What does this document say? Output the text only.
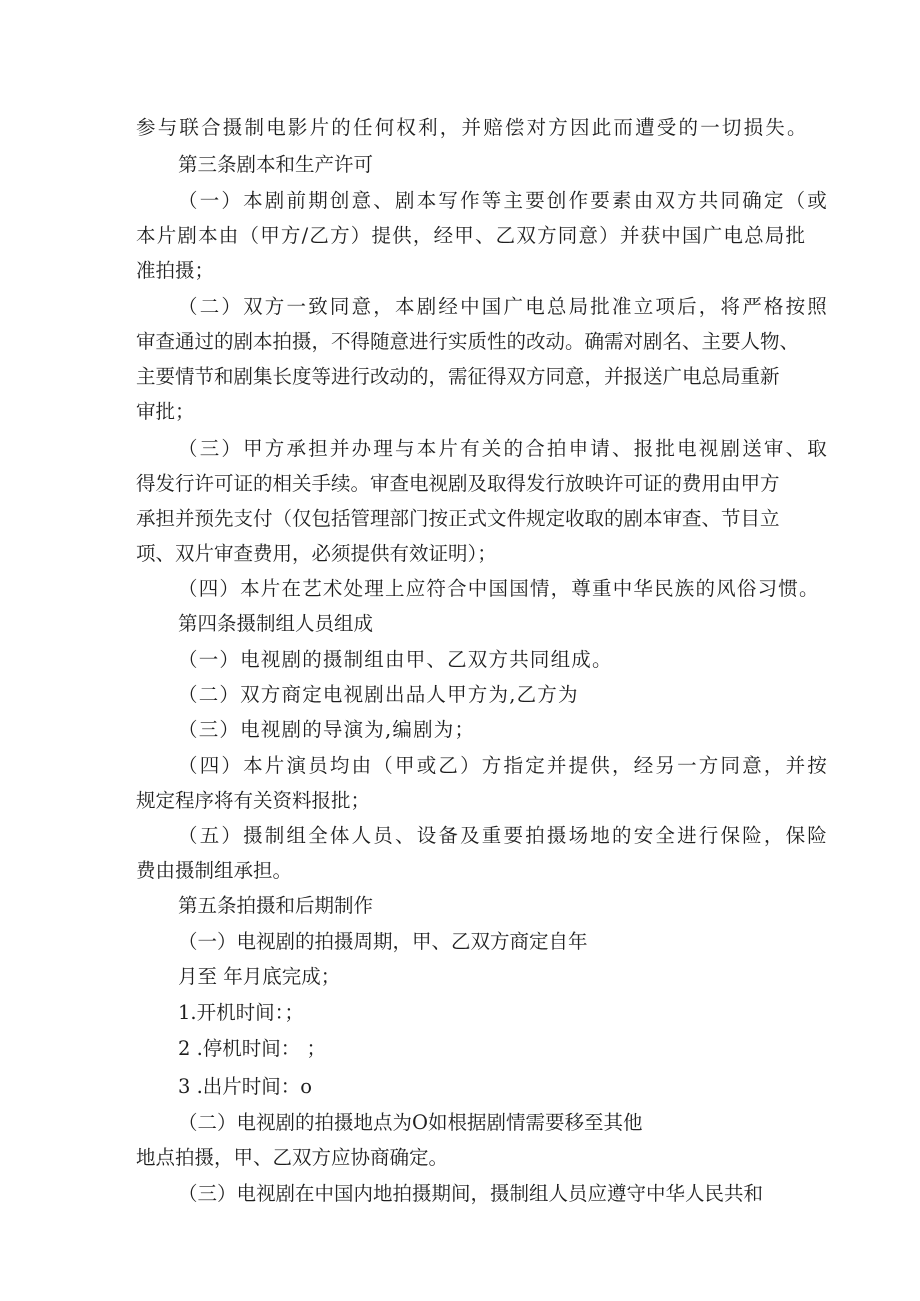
参与联合摄制电影片的任何权利，并赔偿对方因此而遭受的一切损失。
第三条剧本和生产许可
（一）本剧前期创意、剧本写作等主要创作要素由双方共同确定（或
本片剧本由（甲方/乙方）提供，经甲、乙双方同意）并获中国广电总局批
准拍摄；
（二）双方一致同意，本剧经中国广电总局批准立项后，将严格按照
审查通过的剧本拍摄，不得随意进行实质性的改动。确需对剧名、主要人物、
主要情节和剧集长度等进行改动的，需征得双方同意，并报送广电总局重新
审批；
（三）甲方承担并办理与本片有关的合拍申请、报批电视剧送审、取
得发行许可证的相关手续。审查电视剧及取得发行放映许可证的费用由甲方
承担并预先支付（仅包括管理部门按正式文件规定收取的剧本审查、节目立
项、双片审查费用，必须提供有效证明）；
（四）本片在艺术处理上应符合中国国情，尊重中华民族的风俗习惯。
第四条摄制组人员组成
（一）电视剧的摄制组由甲、乙双方共同组成。
（二）双方商定电视剧出品人甲方为,乙方为
（三）电视剧的导演为,编剧为；
（四）本片演员均由（甲或乙）方指定并提供，经另一方同意，并按
规定程序将有关资料报批；
（五）摄制组全体人员、设备及重要拍摄场地的安全进行保险，保险
费由摄制组承担。
第五条拍摄和后期制作
（一）电视剧的拍摄周期，甲、乙双方商定自年
月至 年月底完成；
1.开机时间：；
2 .停机时间： ；
3 .出片时间：o
（二）电视剧的拍摄地点为O如根据剧情需要移至其他
地点拍摄，甲、乙双方应协商确定。
（三）电视剧在中国内地拍摄期间，摄制组人员应遵守中华人民共和
